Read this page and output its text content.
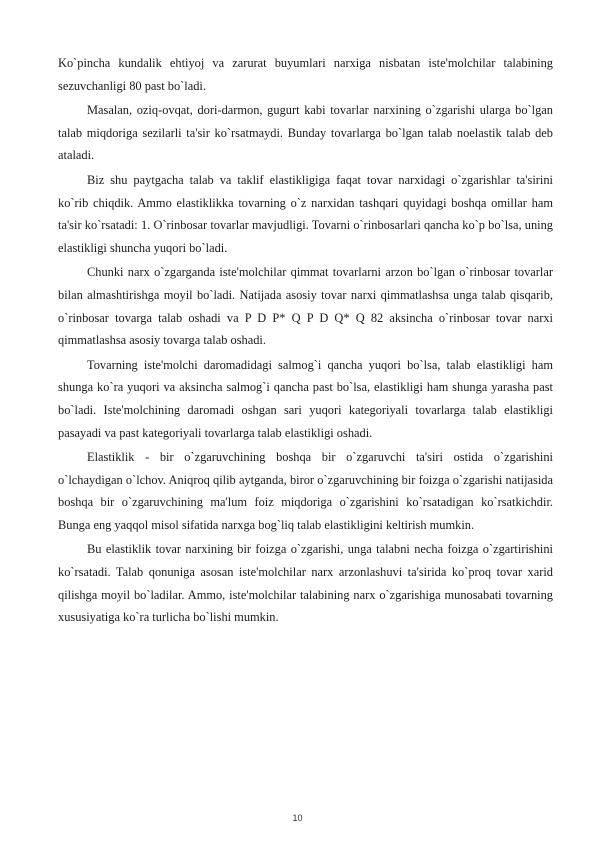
Ko`pincha kundalik ehtiyoj va zarurat buyumlari narxiga nisbatan iste'molchilar talabining sezuvchanligi 80 past bo`ladi.

Masalan, oziq-ovqat, dori-darmon, gugurt kabi tovarlar narxining o`zgarishi ularga bo`lgan talab miqdoriga sezilarli ta'sir ko`rsatmaydi. Bunday tovarlarga bo`lgan talab noelastik talab deb ataladi.

Biz shu paytgacha talab va taklif elastikligiga faqat tovar narxidagi o`zgarishlar ta'sirini ko`rib chiqdik. Ammo elastiklikka tovarning o`z narxidan tashqari quyidagi boshqa omillar ham ta'sir ko`rsatadi: 1. O`rinbosar tovarlar mavjudligi. Tovarni o`rinbosarlari qancha ko`p bo`lsa, uning elastikligi shuncha yuqori bo`ladi.

Chunki narx o`zgarganda iste'molchilar qimmat tovarlarni arzon bo`lgan o`rinbosar tovarlar bilan almashtirishga moyil bo`ladi. Natijada asosiy tovar narxi qimmatlashsa unga talab qisqarib, o`rinbosar tovarga talab oshadi va P D P* Q P D Q* Q 82 aksincha o`rinbosar tovar narxi qimmatlashsa asosiy tovarga talab oshadi.

Tovarning iste'molchi daromadidagi salmog`i qancha yuqori bo`lsa, talab elastikligi ham shunga ko`ra yuqori va aksincha salmog`i qancha past bo`lsa, elastikligi ham shunga yarasha past bo`ladi. Iste'molchining daromadi oshgan sari yuqori kategoriyali tovarlarga talab elastikligi pasayadi va past kategoriyali tovarlarga talab elastikligi oshadi.

Elastiklik - bir o`zgaruvchining boshqa bir o`zgaruvchi ta'siri ostida o`zgarishini o`lchaydigan o`lchov. Aniqroq qilib aytganda, biror o`zgaruvchining bir foizga o`zgarishi natijasida boshqa bir o`zgaruvchining ma'lum foiz miqdoriga o`zgarishini ko`rsatadigan ko`rsatkichdir. Bunga eng yaqqol misol sifatida narxga bog`liq talab elastikligini keltirish mumkin.

Bu elastiklik tovar narxining bir foizga o`zgarishi, unga talabni necha foizga o`zgartirishini ko`rsatadi. Talab qonuniga asosan iste'molchilar narx arzonlashuvi ta'sirida ko`proq tovar xarid qilishga moyil bo`ladilar. Ammo, iste'molchilar talabining narx o`zgarishiga munosabati tovarning xususiyatiga ko`ra turlicha bo`lishi mumkin.

10
